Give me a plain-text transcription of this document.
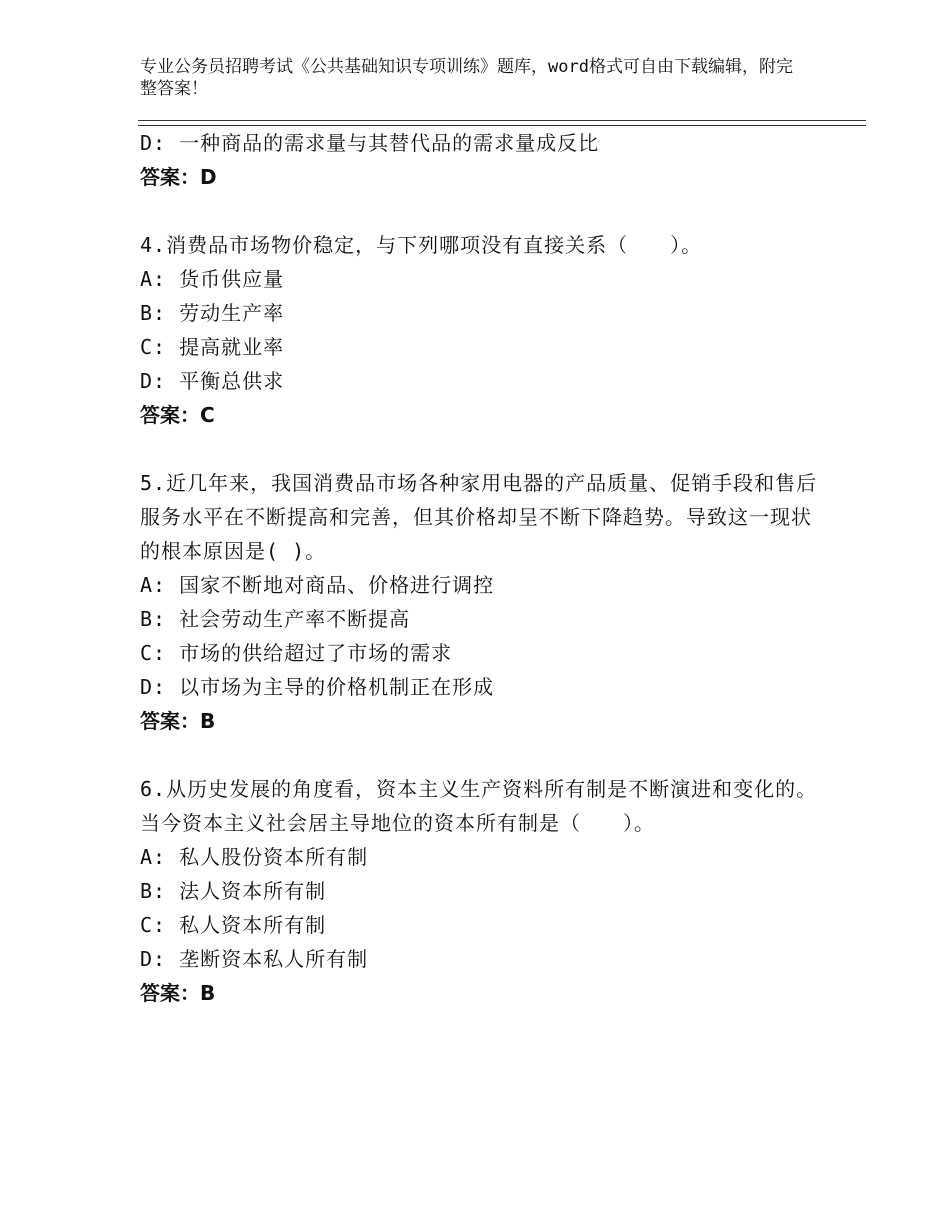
专业公务员招聘考试《公共基础知识专项训练》题库，word格式可自由下载编辑，附完整答案！
D: 一种商品的需求量与其替代品的需求量成反比
答案：D
4.消费品市场物价稳定，与下列哪项没有直接关系（　　）。
A: 货币供应量
B: 劳动生产率
C: 提高就业率
D: 平衡总供求
答案：C
5.近几年来，我国消费品市场各种家用电器的产品质量、促销手段和售后服务水平在不断提高和完善，但其价格却呈不断下降趋势。导致这一现状的根本原因是( )。
A: 国家不断地对商品、价格进行调控
B: 社会劳动生产率不断提高
C: 市场的供给超过了市场的需求
D: 以市场为主导的价格机制正在形成
答案：B
6.从历史发展的角度看，资本主义生产资料所有制是不断演进和变化的。当今资本主义社会居主导地位的资本所有制是（　　）。
A: 私人股份资本所有制
B: 法人资本所有制
C: 私人资本所有制
D: 垄断资本私人所有制
答案：B
